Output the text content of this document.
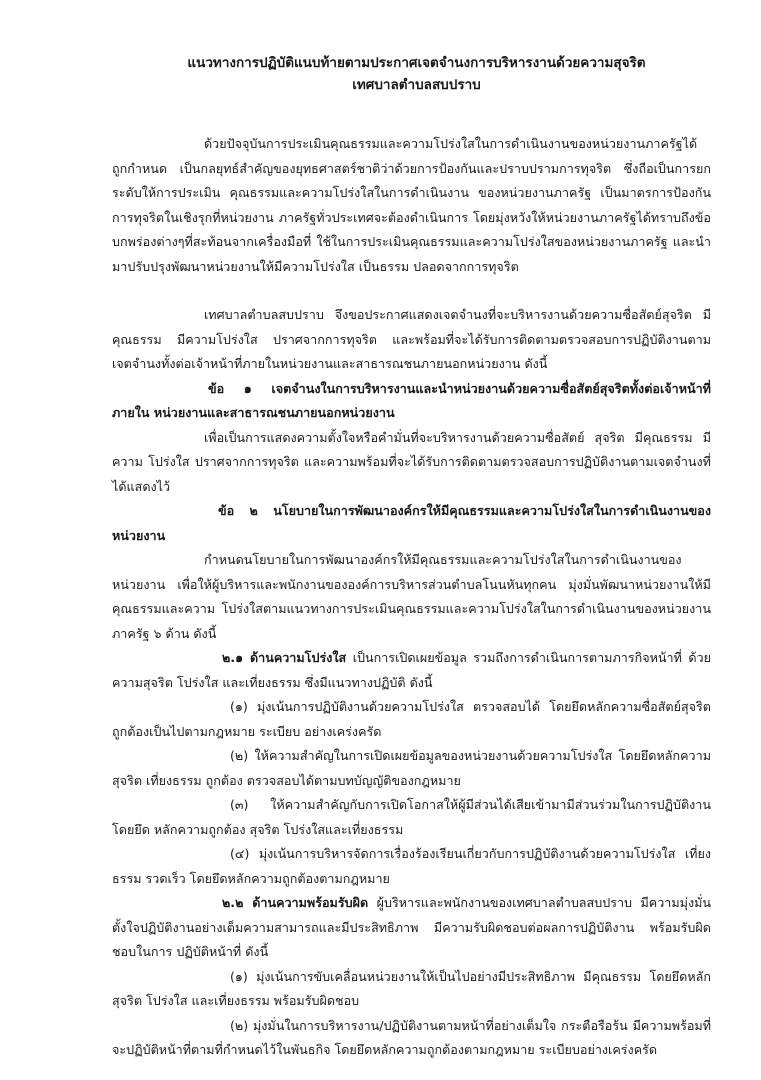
แนวทางการปฏิบัติแนบท้ายตามประกาศเจตจำนงการบริหารงานด้วยความสุจริต
เทศบาลตำบลสบปราบ

ด้วยปัจจุบันการประเมินคุณธรรมและความโปร่งใสในการดำเนินงานของหน่วยงานภาครัฐได้ถูกกำหนด เป็นกลยุทธ์สำคัญของยุทธศาสตร์ชาติว่าด้วยการป้องกันและปราบปรามการทุจริต ซึ่งถือเป็นการยกระดับให้การประเมิน คุณธรรมและความโปร่งใสในการดำเนินงาน ของหน่วยงานภาครัฐ เป็นมาตรการป้องกันการทุจริตในเชิงรุกที่หน่วยงาน ภาครัฐทั่วประเทศจะต้องดำเนินการ โดยมุ่งหวังให้หน่วยงานภาครัฐได้ทราบถึงข้อบกพร่องต่างๆที่สะท้อนจากเครื่องมือที่ ใช้ในการประเมินคุณธรรมและความโปร่งใสของหน่วยงานภาครัฐ และนำมาปรับปรุงพัฒนาหน่วยงานให้มีความโปร่งใส เป็นธรรม ปลอดจากการทุจริต

เทศบาลตำบลสบปราบ จึงขอประกาศแสดงเจตจำนงที่จะบริหารงานด้วยความซื่อสัตย์สุจริต มีคุณธรรม มีความโปร่งใส ปราศจากการทุจริต และพร้อมที่จะได้รับการติดตามตรวจสอบการปฏิบัติงานตามเจตจำนงทั้งต่อเจ้าหน้าที่ภายในหน่วยงานและสาธารณชนภายนอกหน่วยงาน ดังนี้

ข้อ ๑ เจตจำนงในการบริหารงานและนำหน่วยงานด้วยความซื่อสัตย์สุจริตทั้งต่อเจ้าหน้าที่ภายใน หน่วยงานและสาธารณชนภายนอกหน่วยงาน

เพื่อเป็นการแสดงความตั้งใจหรือคำมั่นที่จะบริหารงานด้วยความซื่อสัตย์ สุจริต มีคุณธรรม มีความ โปร่งใส ปราศจากการทุจริต และความพร้อมที่จะได้รับการติดตามตรวจสอบการปฏิบัติงานตามเจตจำนงที่ได้แสดงไว้

ข้อ ๒ นโยบายในการพัฒนาองค์กรให้มีคุณธรรมและความโปร่งใสในการดำเนินงานของหน่วยงาน

กำหนดนโยบายในการพัฒนาองค์กรให้มีคุณธรรมและความโปร่งใสในการดำเนินงานของหน่วยงาน เพื่อให้ผู้บริหารและพนักงานขององค์การบริหารส่วนตำบลโนนหันทุกคน มุ่งมั่นพัฒนาหน่วยงานให้มีคุณธรรมและความ โปร่งใสตามแนวทางการประเมินคุณธรรมและความโปร่งใสในการดำเนินงานของหน่วยงานภาครัฐ ๖ ด้าน ดังนี้

๒.๑ ด้านความโปร่งใส เป็นการเปิดเผยข้อมูล รวมถึงการดำเนินการตามภารกิจหน้าที่ ด้วยความสุจริต โปร่งใส และเที่ยงธรรม ซึ่งมีแนวทางปฏิบัติ ดังนี้

(๑) มุ่งเน้นการปฏิบัติงานด้วยความโปร่งใส ตรวจสอบได้ โดยยึดหลักความซื่อสัตย์สุจริต ถูกต้องเป็นไปตามกฎหมาย ระเบียบ อย่างเคร่งครัด

(๒) ให้ความสำคัญในการเปิดเผยข้อมูลของหน่วยงานด้วยความโปร่งใส โดยยึดหลักความสุจริต เที่ยงธรรม ถูกต้อง ตรวจสอบได้ตามบทบัญญัติของกฎหมาย

(๓) ให้ความสำคัญกับการเปิดโอกาสให้ผู้มีส่วนได้เสียเข้ามามีส่วนร่วมในการปฏิบัติงาน โดยยึด หลักความถูกต้อง สุจริต โปร่งใสและเที่ยงธรรม

(๔) มุ่งเน้นการบริหารจัดการเรื่องร้องเรียนเกี่ยวกับการปฏิบัติงานด้วยความโปร่งใส เที่ยงธรรม รวดเร็ว โดยยึดหลักความถูกต้องตามกฎหมาย

๒.๒ ด้านความพร้อมรับผิด ผู้บริหารและพนักงานของเทศบาลตำบลสบปราบ มีความมุ่งมั่นตั้งใจปฏิบัติงานอย่างเต็มความสามารถและมีประสิทธิภาพ มีความรับผิดชอบต่อผลการปฏิบัติงาน พร้อมรับผิดชอบในการ ปฏิบัติหน้าที่ ดังนี้

(๑) มุ่งเน้นการขับเคลื่อนหน่วยงานให้เป็นไปอย่างมีประสิทธิภาพ มีคุณธรรม โดยยึดหลักสุจริต โปร่งใส และเที่ยงธรรม พร้อมรับผิดชอบ

(๒) มุ่งมั่นในการบริหารงาน/ปฏิบัติงานตามหน้าที่อย่างเต็มใจ กระตือรือร้น มีความพร้อมที่จะปฏิบัติหน้าที่ตามที่กำหนดไว้ในพันธกิจ โดยยึดหลักความถูกต้องตามกฎหมาย ระเบียบอย่างเคร่งครัด
